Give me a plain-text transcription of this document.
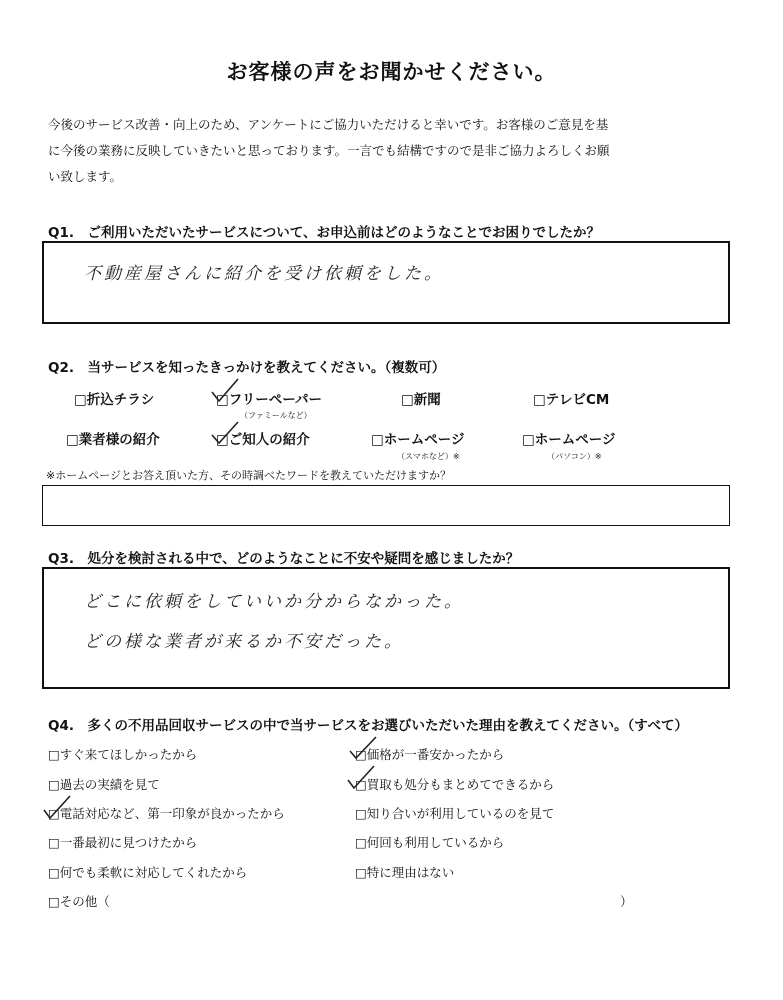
お客様の声をお聞かせください。
今後のサービス改善・向上のため、アンケートにご協力いただけると幸いです。お客様のご意見を基
に今後の業務に反映していきたいと思っております。一言でも結構ですので是非ご協力よろしくお願
い致します。
Q1.　ご利用いただいたサービスについて、お申込前はどのようなことでお困りでしたか？
不動産屋さんに紹介を受け依頼をした。
Q2.　当サービスを知ったきっかけを教えてください。（複数可）
□折込チラシ	□フリーペーパー
（ファミールなど）
□新聞	□テレビCM
□業者様の紹介	□ご知人の紹介	□ホームページ
（スマホなど）※
□ホームページ
（パソコン）※
※ホームページとお答え頂いた方、その時調べたワードを教えていただけますか？
Q3.　処分を検討される中で、どのようなことに不安や疑問を感じましたか？
どこに依頼をしていいか分からなかった。
どの様な業者が来るか不安だった。
Q4.　多くの不用品回収サービスの中で当サービスをお選びいただいた理由を教えてください。（すべて）
□すぐ来てほしかったから
□過去の実績を見て
□電話対応など、第一印象が良かったから
□一番最初に見つけたから
□何でも柔軟に対応してくれたから
□価格が一番安かったから
□買取も処分もまとめてできるから
□知り合いが利用しているのを見て
□何回も利用しているから
□特に理由はない
□その他（	）
